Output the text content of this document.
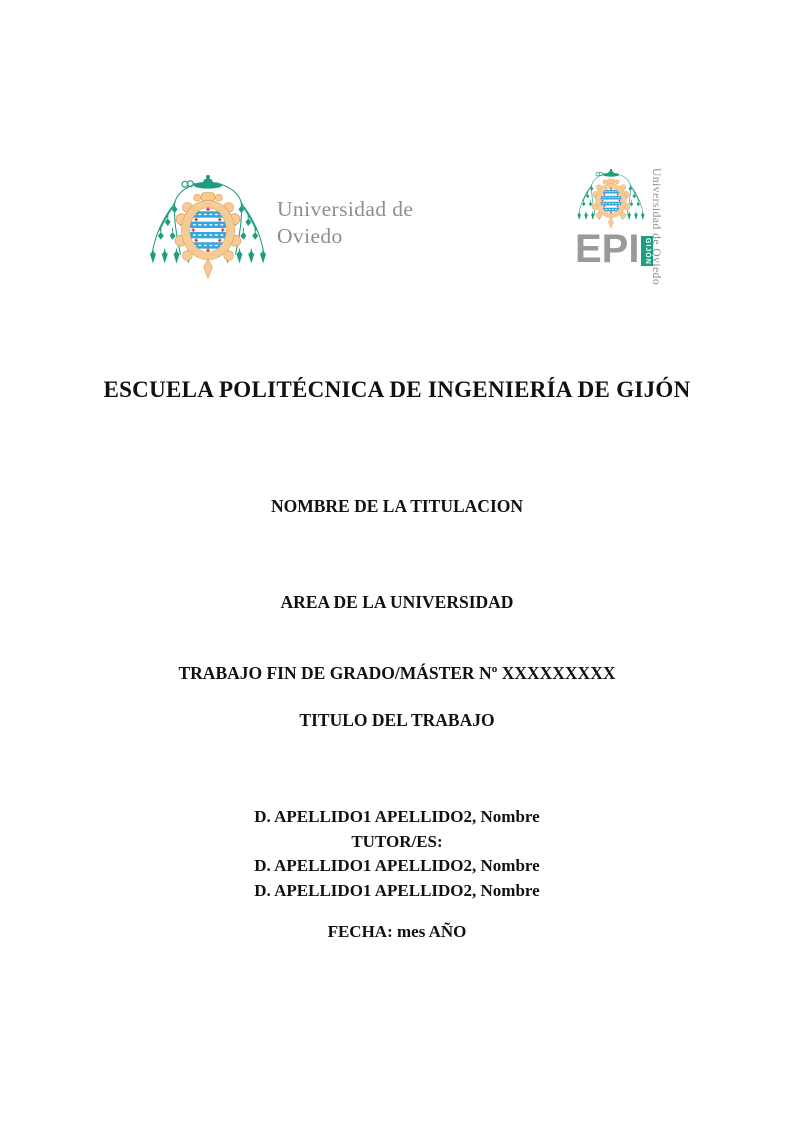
Universidad de
Oviedo	EPI GIJÓN Universidad de Oviedo
ESCUELA POLITÉCNICA DE INGENIERÍA DE GIJÓN
NOMBRE DE LA TITULACION
AREA DE LA UNIVERSIDAD
TRABAJO FIN DE GRADO/MÁSTER Nº XXXXXXXXX
TITULO DEL TRABAJO
D. APELLIDO1 APELLIDO2, Nombre
TUTOR/ES:
D. APELLIDO1 APELLIDO2, Nombre
D. APELLIDO1 APELLIDO2, Nombre
FECHA: mes AÑO
